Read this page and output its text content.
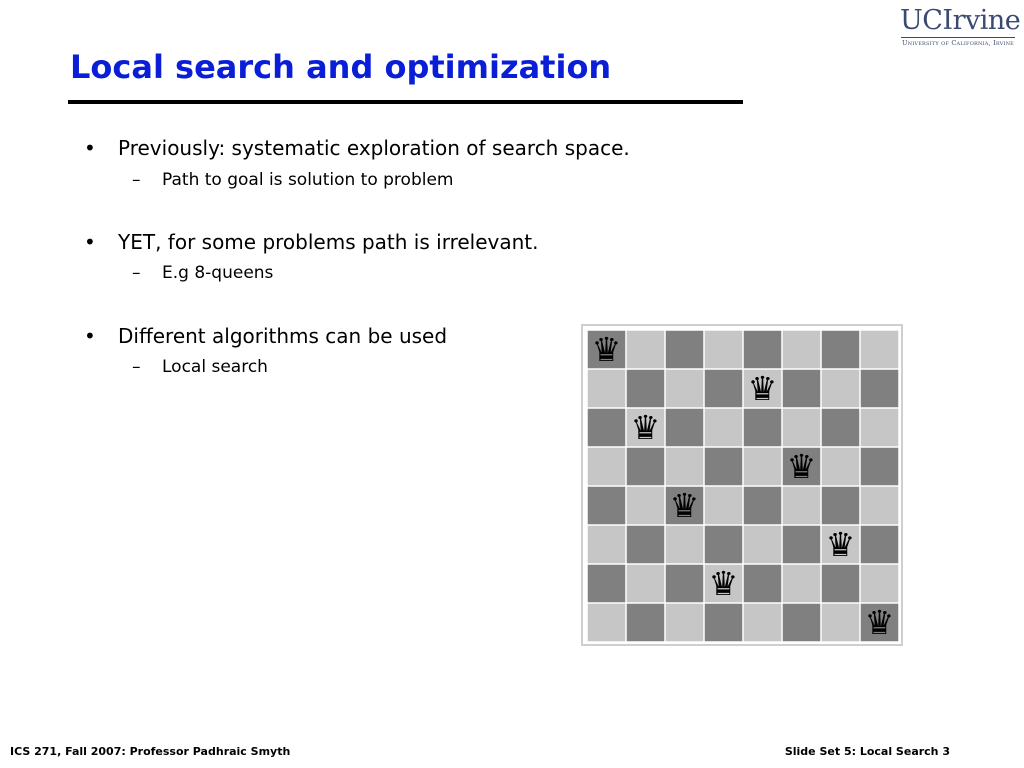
Local search and optimization
UCIrvine
University of California, Irvine
• Previously: systematic exploration of search space.
– Path to goal is solution to problem
• YET, for some problems path is irrelevant.
– E.g 8-queens
• Different algorithms can be used
– Local search	♛
♛
♛
♛
♛
♛
♛
♛
ICS 271, Fall 2007: Professor Padhraic Smyth	Slide Set 5: Local Search 3
